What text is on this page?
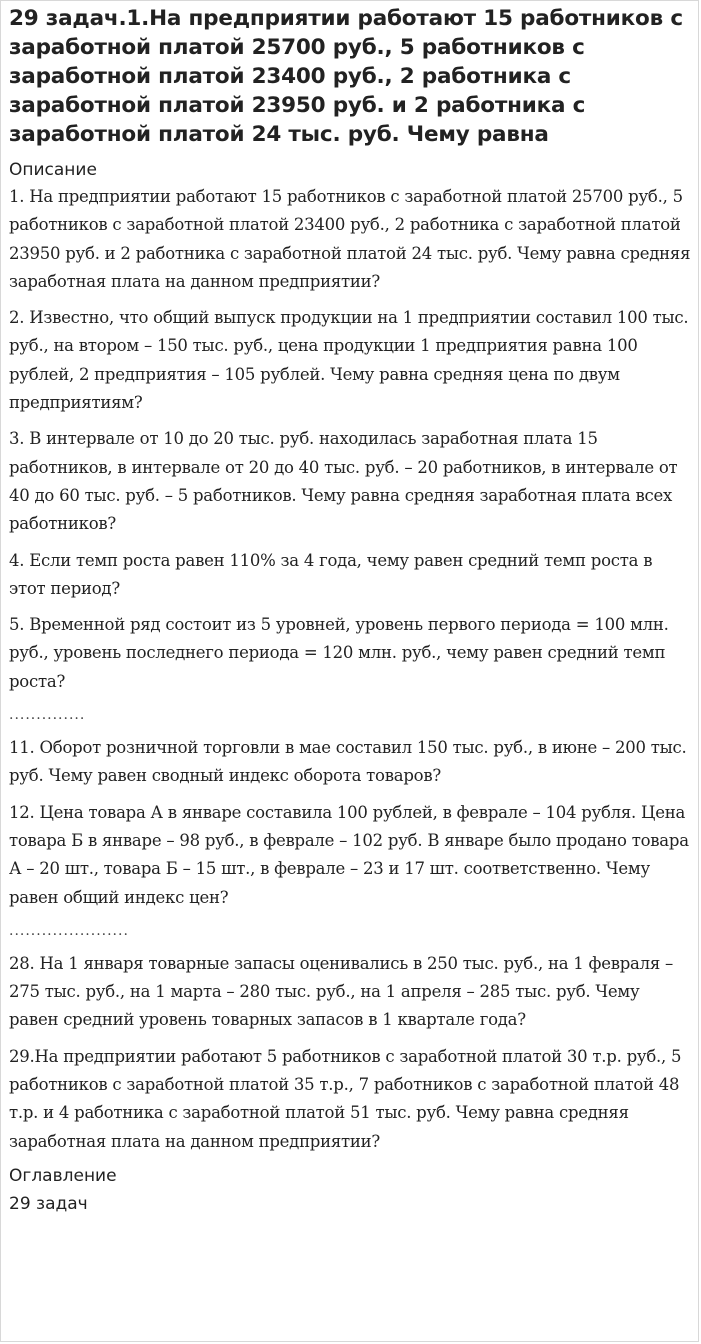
29 задач.1.На предприятии работают 15 работников с заработной платой 25700 руб., 5 работников с заработной платой 23400 руб., 2 работника с заработной платой 23950 руб. и 2 работника с заработной платой 24 тыс. руб. Чему равна
Описание

1. На предприятии работают 15 работников с заработной платой 25700 руб., 5 работников с заработной платой 23400 руб., 2 работника с заработной платой 23950 руб. и 2 работника с заработной платой 24 тыс. руб. Чему равна средняя заработная плата на данном предприятии?

2. Известно, что общий выпуск продукции на 1 предприятии составил 100 тыс. руб., на втором – 150 тыс. руб., цена продукции 1 предприятия равна 100 рублей, 2 предприятия – 105 рублей. Чему равна средняя цена по двум предприятиям?

3. В интервале от 10 до 20 тыс. руб. находилась заработная плата 15 работников, в интервале от 20 до 40 тыс. руб. – 20 работников, в интервале от 40 до 60 тыс. руб. – 5 работников. Чему равна средняя заработная плата всех работников?

4. Если темп роста равен 110% за 4 года, чему равен средний темп роста в этот период?

5. Временной ряд состоит из 5 уровней, уровень первого периода = 100 млн. руб., уровень последнего периода = 120 млн. руб., чему равен средний темп роста?

..............

11. Оборот розничной торговли в мае составил 150 тыс. руб., в июне – 200 тыс. руб. Чему равен сводный индекс оборота товаров?

12. Цена товара А в январе составила 100 рублей, в феврале – 104 рубля. Цена товара Б в январе – 98 руб., в феврале – 102 руб. В январе было продано товара А – 20 шт., товара Б – 15 шт., в феврале – 23 и 17 шт. соответственно. Чему равен общий индекс цен?

......................

28. На 1 января товарные запасы оценивались в 250 тыс. руб., на 1 февраля – 275 тыс. руб., на 1 марта – 280 тыс. руб., на 1 апреля – 285 тыс. руб. Чему равен средний уровень товарных запасов в 1 квартале года?

29.На предприятии работают 5 работников с заработной платой 30 т.р. руб., 5 работников с заработной платой 35 т.р., 7 работников с заработной платой 48 т.р. и 4 работника с заработной платой 51 тыс. руб. Чему равна средняя заработная плата на данном предприятии?

Оглавление
29 задач
